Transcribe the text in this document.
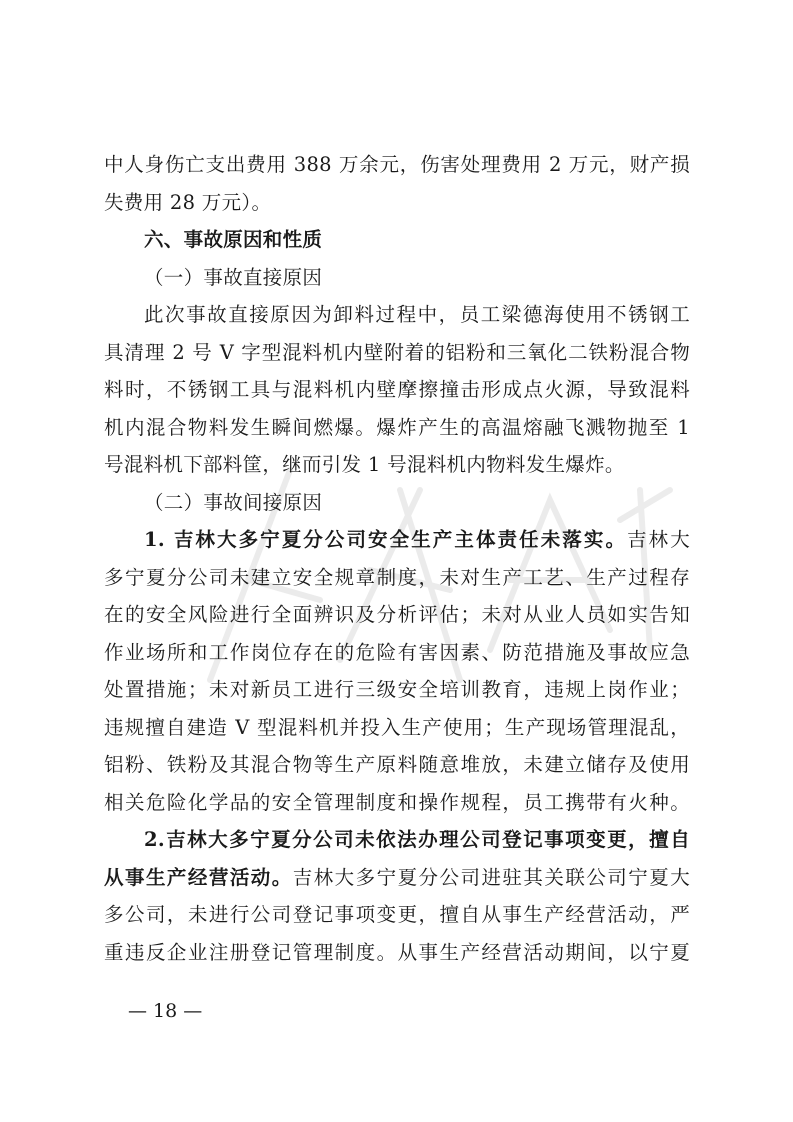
中人身伤亡支出费用 388 万余元，伤害处理费用 2 万元，财产损
失费用 28 万元）。
六、事故原因和性质
（一）事故直接原因
此次事故直接原因为卸料过程中，员工梁德海使用不锈钢工
具清理 2 号 V 字型混料机内壁附着的铝粉和三氧化二铁粉混合物
料时，不锈钢工具与混料机内壁摩擦撞击形成点火源，导致混料
机内混合物料发生瞬间燃爆。爆炸产生的高温熔融飞溅物抛至 1
号混料机下部料筐，继而引发 1 号混料机内物料发生爆炸。
（二）事故间接原因
1. 吉林大多宁夏分公司安全生产主体责任未落实。吉林大
多宁夏分公司未建立安全规章制度，未对生产工艺、生产过程存
在的安全风险进行全面辨识及分析评估；未对从业人员如实告知
作业场所和工作岗位存在的危险有害因素、防范措施及事故应急
处置措施；未对新员工进行三级安全培训教育，违规上岗作业；
违规擅自建造 V 型混料机并投入生产使用；生产现场管理混乱，
铝粉、铁粉及其混合物等生产原料随意堆放，未建立储存及使用
相关危险化学品的安全管理制度和操作规程，员工携带有火种。
2.吉林大多宁夏分公司未依法办理公司登记事项变更，擅自
从事生产经营活动。吉林大多宁夏分公司进驻其关联公司宁夏大
多公司，未进行公司登记事项变更，擅自从事生产经营活动，严
重违反企业注册登记管理制度。从事生产经营活动期间，以宁夏
— 18 —
